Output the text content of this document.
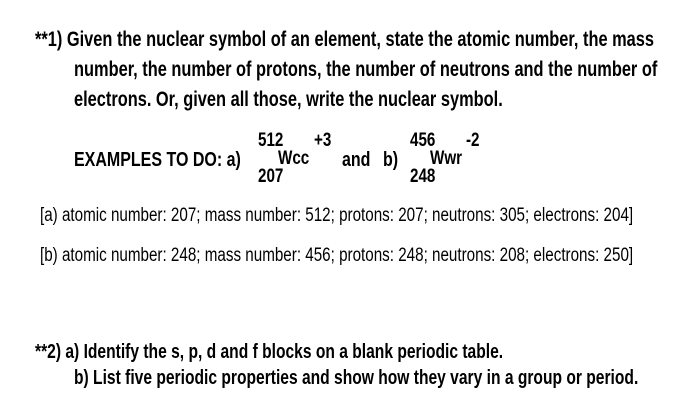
**1) Given the nuclear symbol of an element, state the atomic number, the mass
number, the number of protons, the number of neutrons and the number of
electrons. Or, given all those, write the nuclear symbol.
EXAMPLES TO DO: a)
512 +3
Wcc
207
and b)
456 -2
Wwr
248
[a) atomic number: 207; mass number: 512; protons: 207; neutrons: 305; electrons: 204]
[b) atomic number: 248; mass number: 456; protons: 248; neutrons: 208; electrons: 250]
**2) a) Identify the s, p, d and f blocks on a blank periodic table.
b) List five periodic properties and show how they vary in a group or period.
